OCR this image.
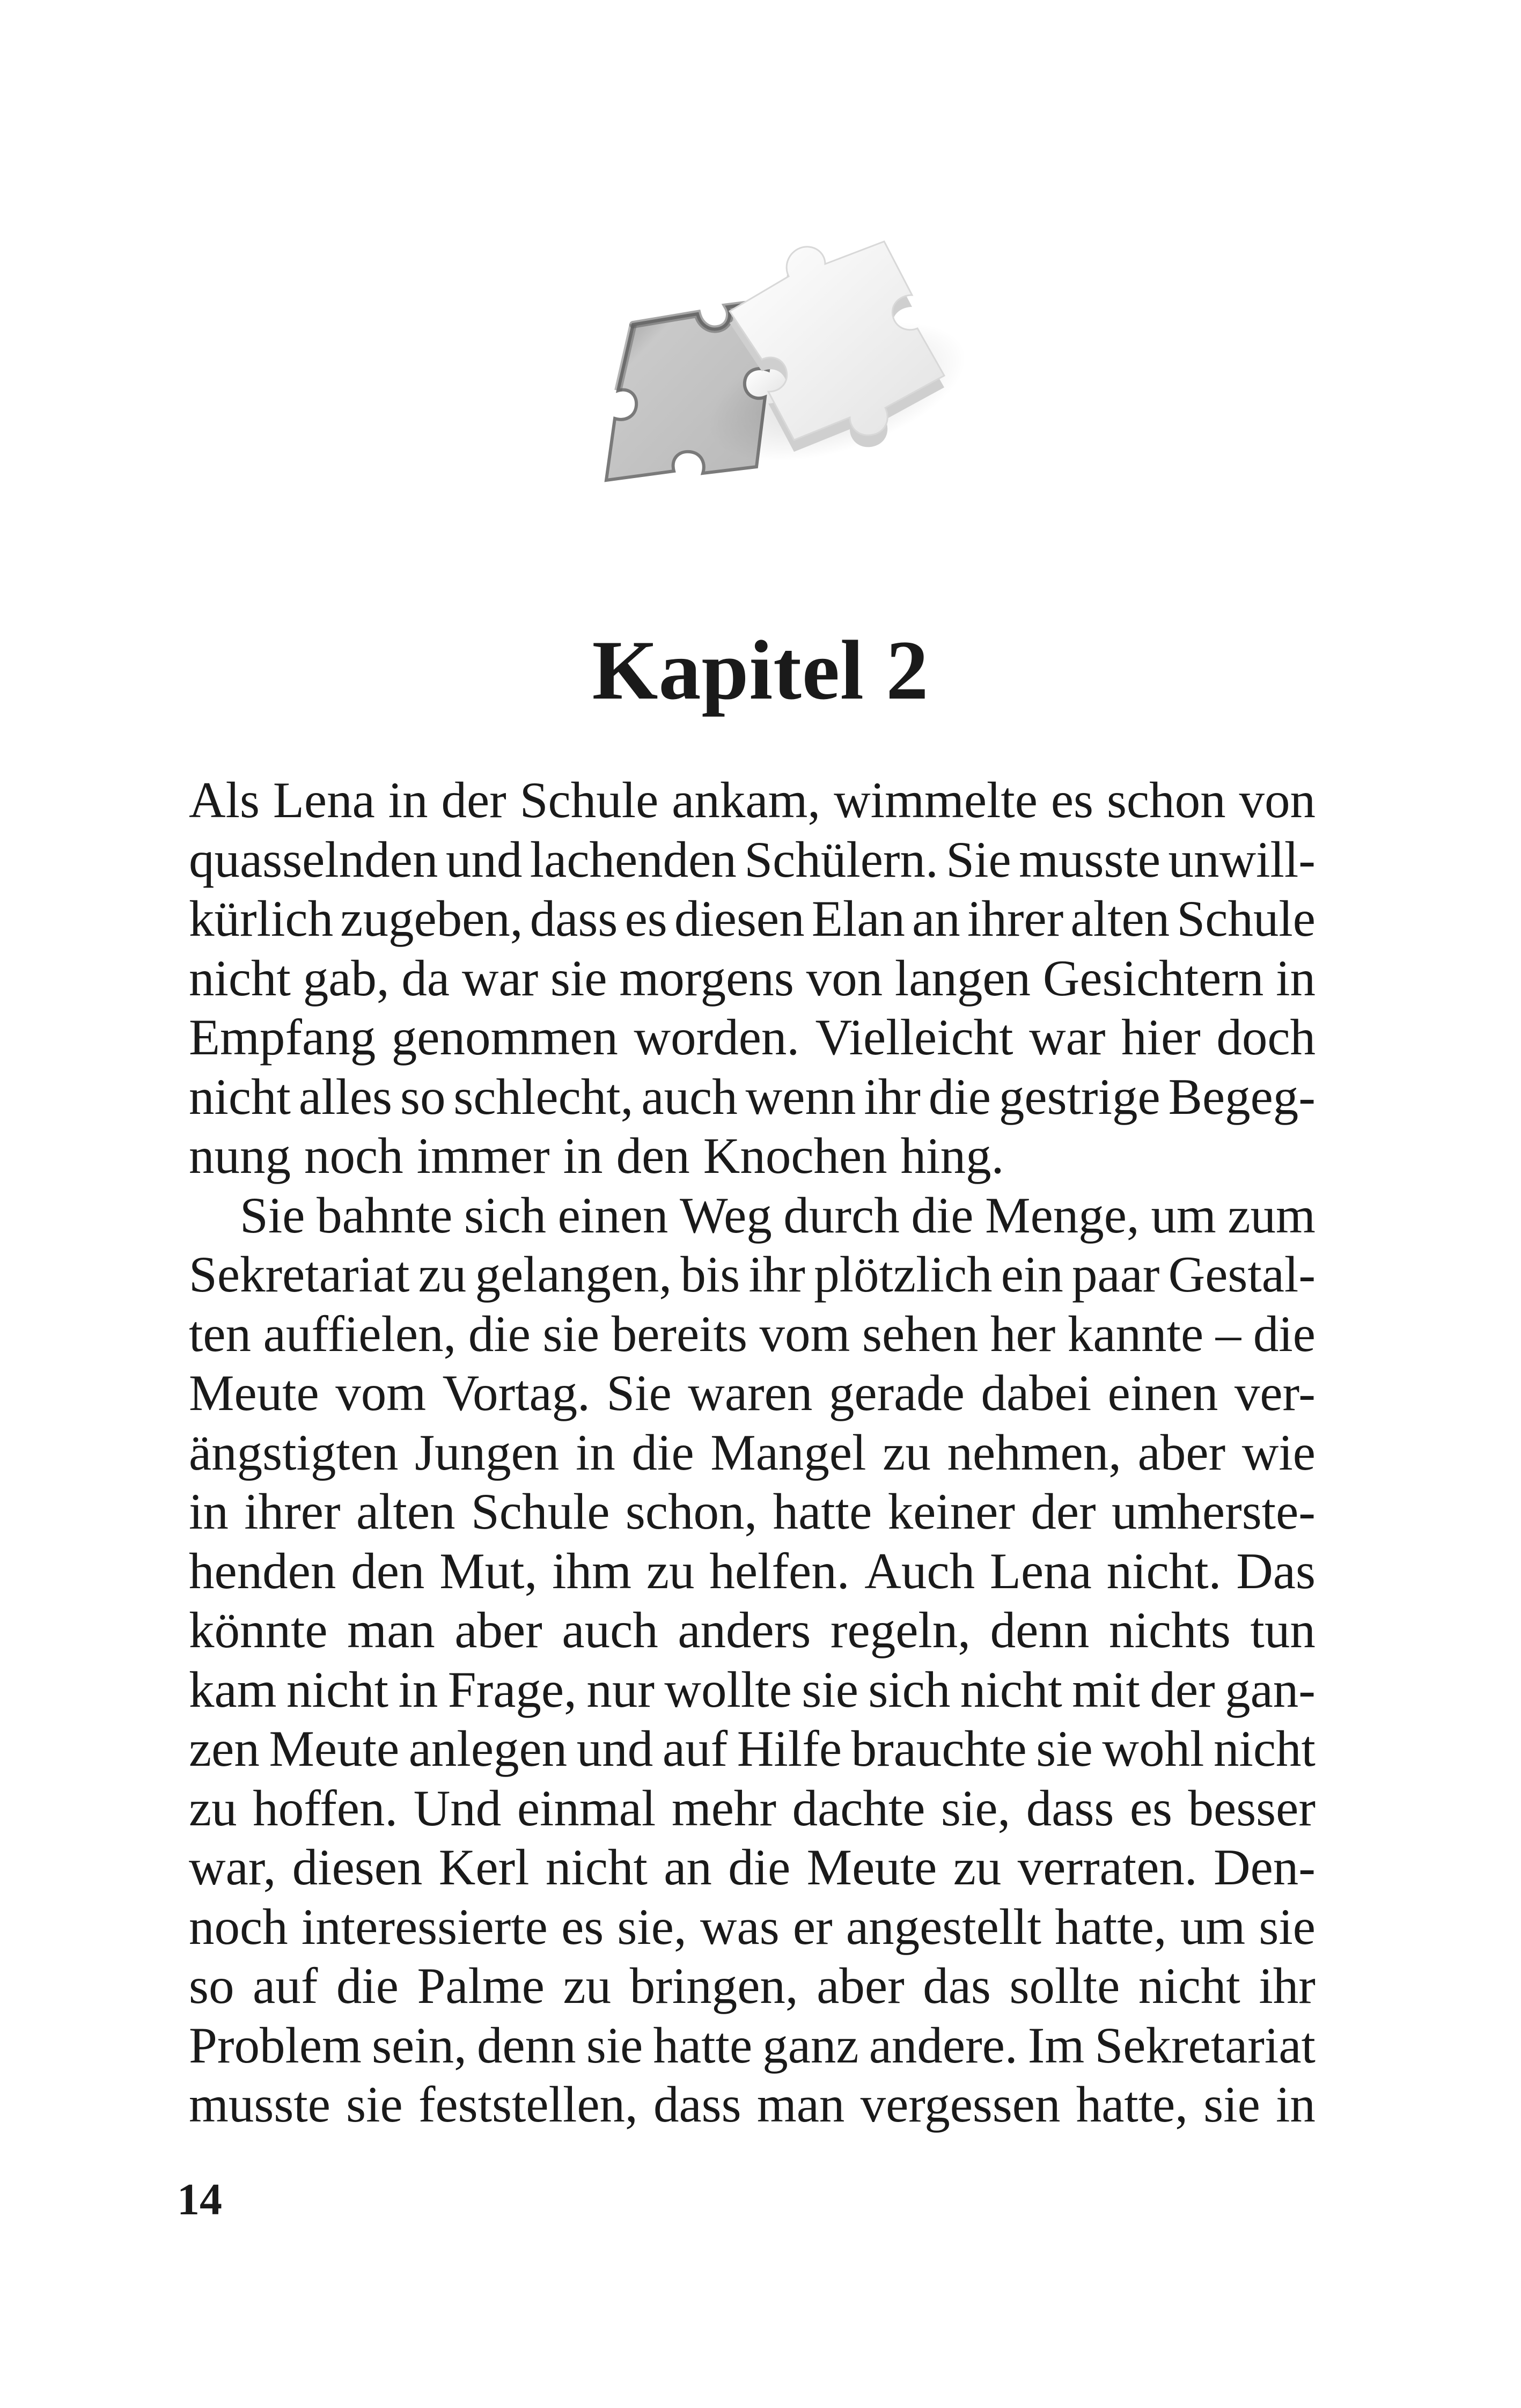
Kapitel 2
Als Lena in der Schule ankam, wimmelte es schon von
quasselnden und lachenden Schülern. Sie musste unwill-
kürlich zugeben, dass es diesen Elan an ihrer alten Schule
nicht gab, da war sie morgens von langen Gesichtern in
Empfang genommen worden. Vielleicht war hier doch
nicht alles so schlecht, auch wenn ihr die gestrige Begeg-
nung noch immer in den Knochen hing.
Sie bahnte sich einen Weg durch die Menge, um zum
Sekretariat zu gelangen, bis ihr plötzlich ein paar Gestal-
ten auffielen, die sie bereits vom sehen her kannte – die
Meute vom Vortag. Sie waren gerade dabei einen ver-
ängstigten Jungen in die Mangel zu nehmen, aber wie
in ihrer alten Schule schon, hatte keiner der umherste-
henden den Mut, ihm zu helfen. Auch Lena nicht. Das
könnte man aber auch anders regeln, denn nichts tun
kam nicht in Frage, nur wollte sie sich nicht mit der gan-
zen Meute anlegen und auf Hilfe brauchte sie wohl nicht
zu hoffen. Und einmal mehr dachte sie, dass es besser
war, diesen Kerl nicht an die Meute zu verraten. Den-
noch interessierte es sie, was er angestellt hatte, um sie
so auf die Palme zu bringen, aber das sollte nicht ihr
Problem sein, denn sie hatte ganz andere. Im Sekretariat
musste sie feststellen, dass man vergessen hatte, sie in
14
